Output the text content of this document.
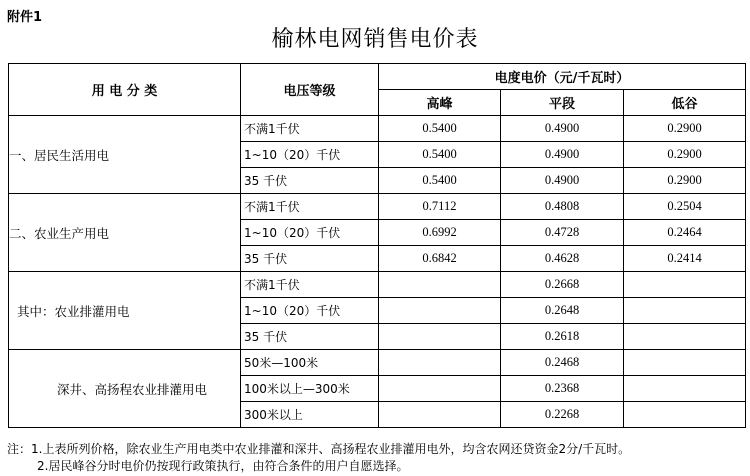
附件1
榆林电网销售电价表
用 电 分 类	电压等级	电度电价（元/千瓦时）		
		高峰	平段	低谷
一、居民生活用电	不满1千伏	0.5400	0.4900	0.2900
	1~10（20）千伏	0.5400	0.4900	0.2900
	35 千伏	0.5400	0.4900	0.2900
二、农业生产用电	不满1千伏	0.7112	0.4808	0.2504
	1~10（20）千伏	0.6992	0.4728	0.2464
	35 千伏	0.6842	0.4628	0.2414
其中：农业排灌用电	不满1千伏		0.2668	
	1~10（20）千伏		0.2648	
	35 千伏		0.2618	
深井、高扬程农业排灌用电	50米—100米		0.2468	
	100米以上—300米		0.2368	
	300米以上		0.2268	
注：1.上表所列价格，除农业生产用电类中农业排灌和深井、高扬程农业排灌用电外，均含农网还贷资金2分/千瓦时。
2.居民峰谷分时电价仍按现行政策执行，由符合条件的用户自愿选择。
